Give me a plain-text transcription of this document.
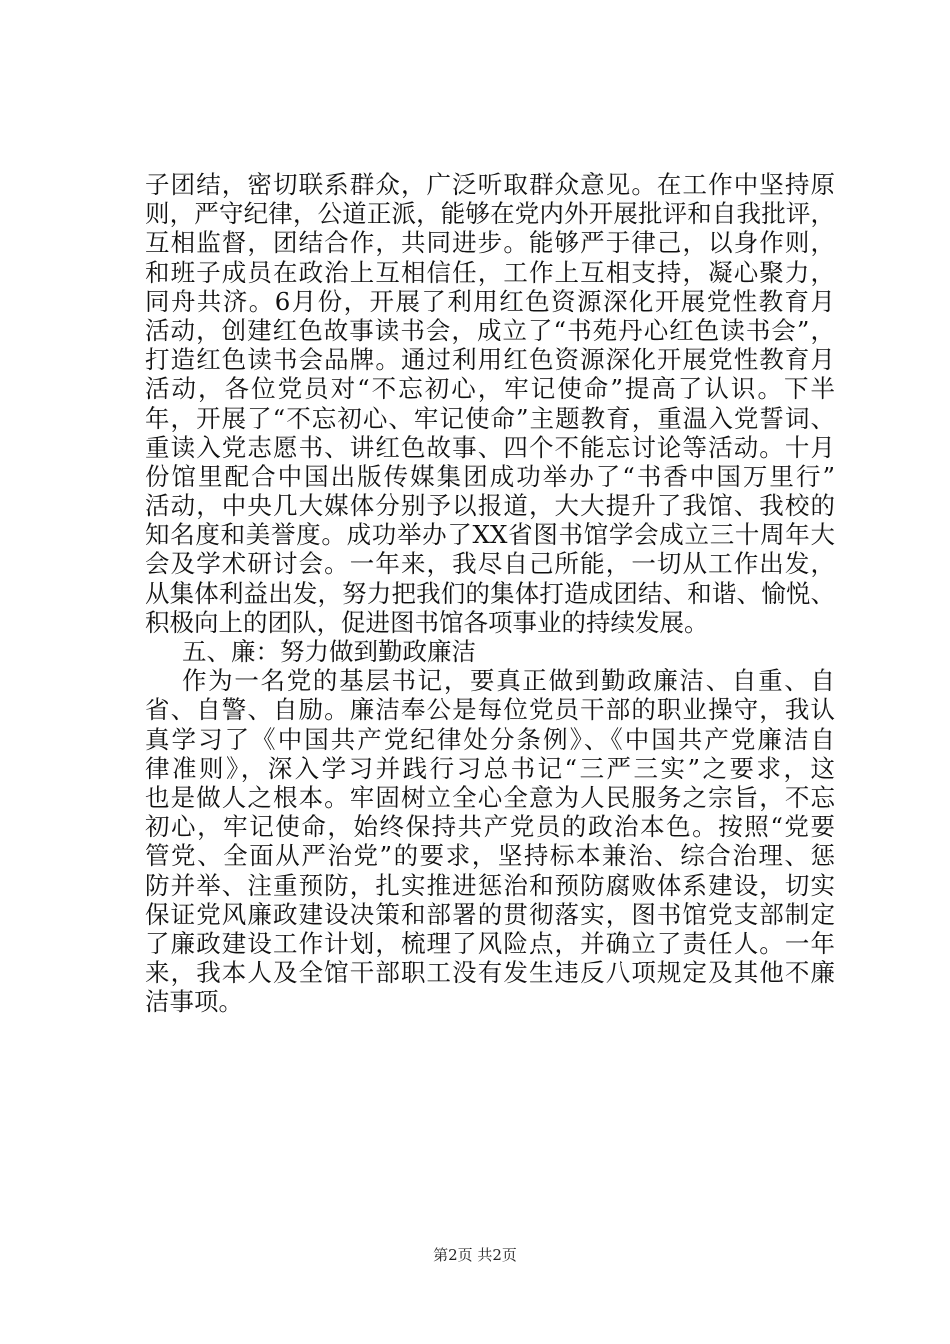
子团结，密切联系群众，广泛听取群众意见。在工作中坚持原
则，严守纪律，公道正派，能够在党内外开展批评和自我批评，
互相监督，团结合作，共同进步。能够严于律己，以身作则，
和班子成员在政治上互相信任，工作上互相支持，凝心聚力，
同舟共济。6月份，开展了利用红色资源深化开展党性教育月
活动，创建红色故事读书会，成立了“书苑丹心红色读书会”，
打造红色读书会品牌。通过利用红色资源深化开展党性教育月
活动，各位党员对“不忘初心，牢记使命”提高了认识。下半
年，开展了“不忘初心、牢记使命”主题教育，重温入党誓词、
重读入党志愿书、讲红色故事、四个不能忘讨论等活动。十月
份馆里配合中国出版传媒集团成功举办了“书香中国万里行”
活动，中央几大媒体分别予以报道，大大提升了我馆、我校的
知名度和美誉度。成功举办了XX省图书馆学会成立三十周年大
会及学术研讨会。一年来，我尽自己所能，一切从工作出发，
从集体利益出发，努力把我们的集体打造成团结、和谐、愉悦、
积极向上的团队，促进图书馆各项事业的持续发展。
五、廉：努力做到勤政廉洁
作为一名党的基层书记，要真正做到勤政廉洁、自重、自
省、自警、自励。廉洁奉公是每位党员干部的职业操守，我认
真学习了《中国共产党纪律处分条例》、《中国共产党廉洁自
律准则》，深入学习并践行习总书记“三严三实”之要求，这
也是做人之根本。牢固树立全心全意为人民服务之宗旨，不忘
初心，牢记使命，始终保持共产党员的政治本色。按照“党要
管党、全面从严治党”的要求，坚持标本兼治、综合治理、惩
防并举、注重预防，扎实推进惩治和预防腐败体系建设，切实
保证党风廉政建设决策和部署的贯彻落实，图书馆党支部制定
了廉政建设工作计划，梳理了风险点，并确立了责任人。一年
来，我本人及全馆干部职工没有发生违反八项规定及其他不廉
洁事项。
第2页 共2页
